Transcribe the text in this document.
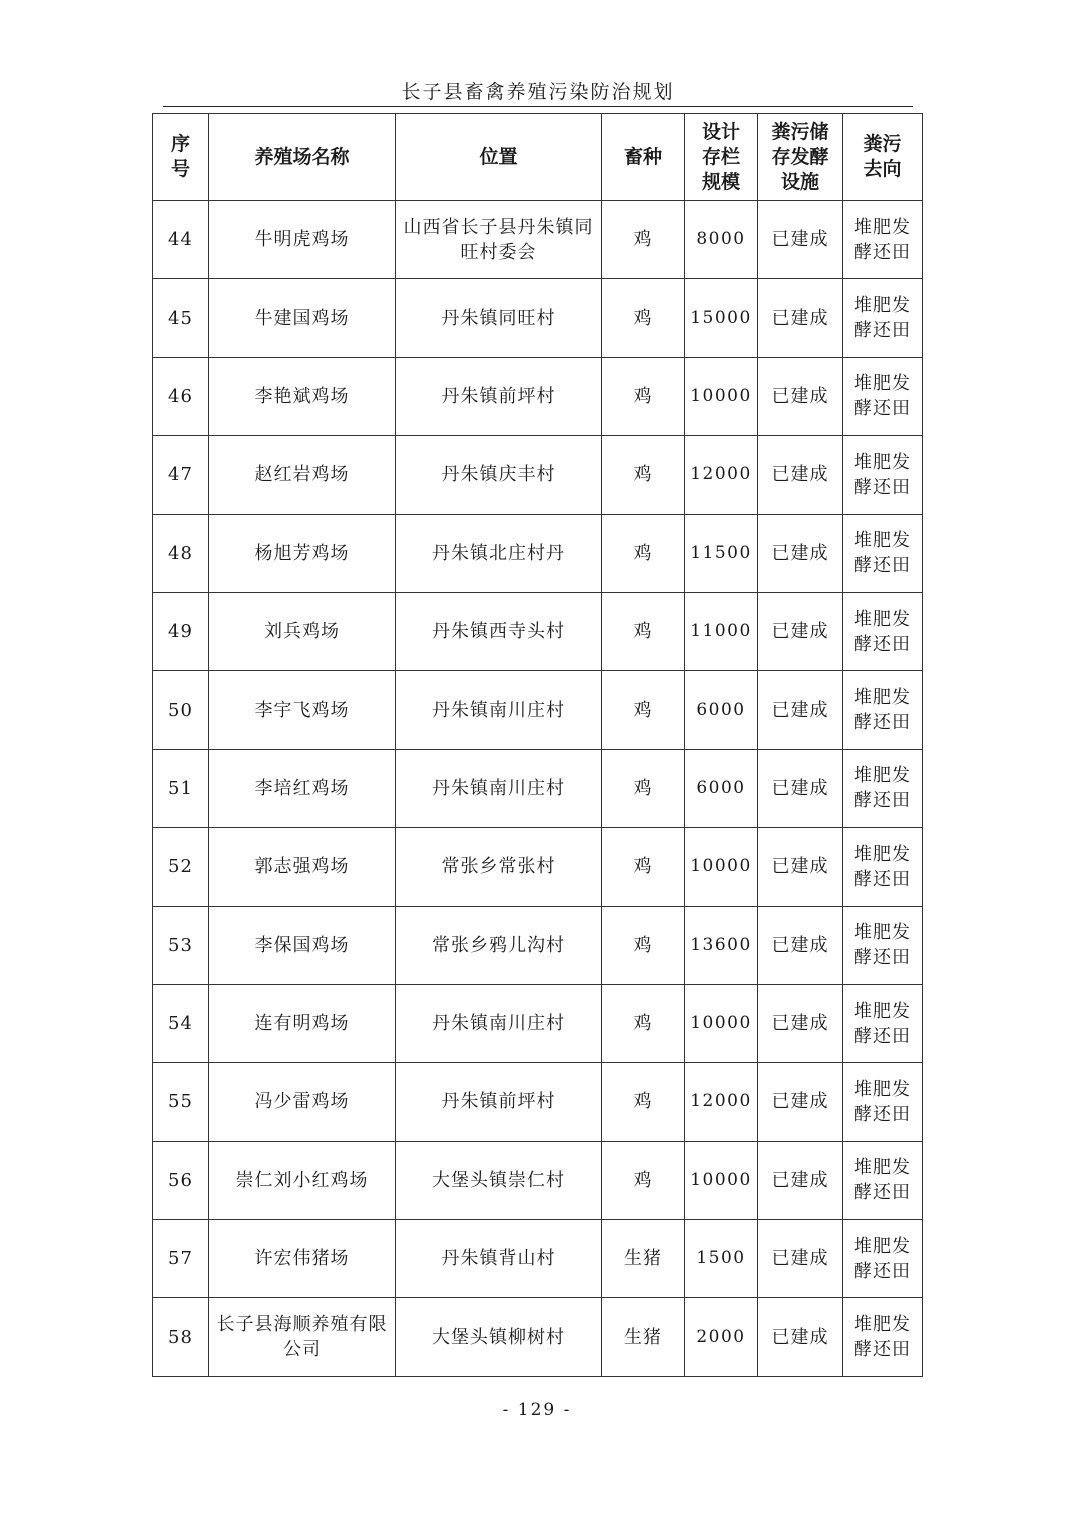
长子县畜禽养殖污染防治规划
序号	养殖场名称	位置	畜种	设计存栏规模	粪污储存发酵设施	粪污去向
44	牛明虎鸡场	山西省长子县丹朱镇同旺村委会	鸡	8000	已建成	堆肥发酵还田
45	牛建国鸡场	丹朱镇同旺村	鸡	15000	已建成	堆肥发酵还田
46	李艳斌鸡场	丹朱镇前坪村	鸡	10000	已建成	堆肥发酵还田
47	赵红岩鸡场	丹朱镇庆丰村	鸡	12000	已建成	堆肥发酵还田
48	杨旭芳鸡场	丹朱镇北庄村丹	鸡	11500	已建成	堆肥发酵还田
49	刘兵鸡场	丹朱镇西寺头村	鸡	11000	已建成	堆肥发酵还田
50	李宇飞鸡场	丹朱镇南川庄村	鸡	6000	已建成	堆肥发酵还田
51	李培红鸡场	丹朱镇南川庄村	鸡	6000	已建成	堆肥发酵还田
52	郭志强鸡场	常张乡常张村	鸡	10000	已建成	堆肥发酵还田
53	李保国鸡场	常张乡鸦儿沟村	鸡	13600	已建成	堆肥发酵还田
54	连有明鸡场	丹朱镇南川庄村	鸡	10000	已建成	堆肥发酵还田
55	冯少雷鸡场	丹朱镇前坪村	鸡	12000	已建成	堆肥发酵还田
56	崇仁刘小红鸡场	大堡头镇崇仁村	鸡	10000	已建成	堆肥发酵还田
57	许宏伟猪场	丹朱镇背山村	生猪	1500	已建成	堆肥发酵还田
58	长子县海顺养殖有限公司	大堡头镇柳树村	生猪	2000	已建成	堆肥发酵还田
- 129 -
